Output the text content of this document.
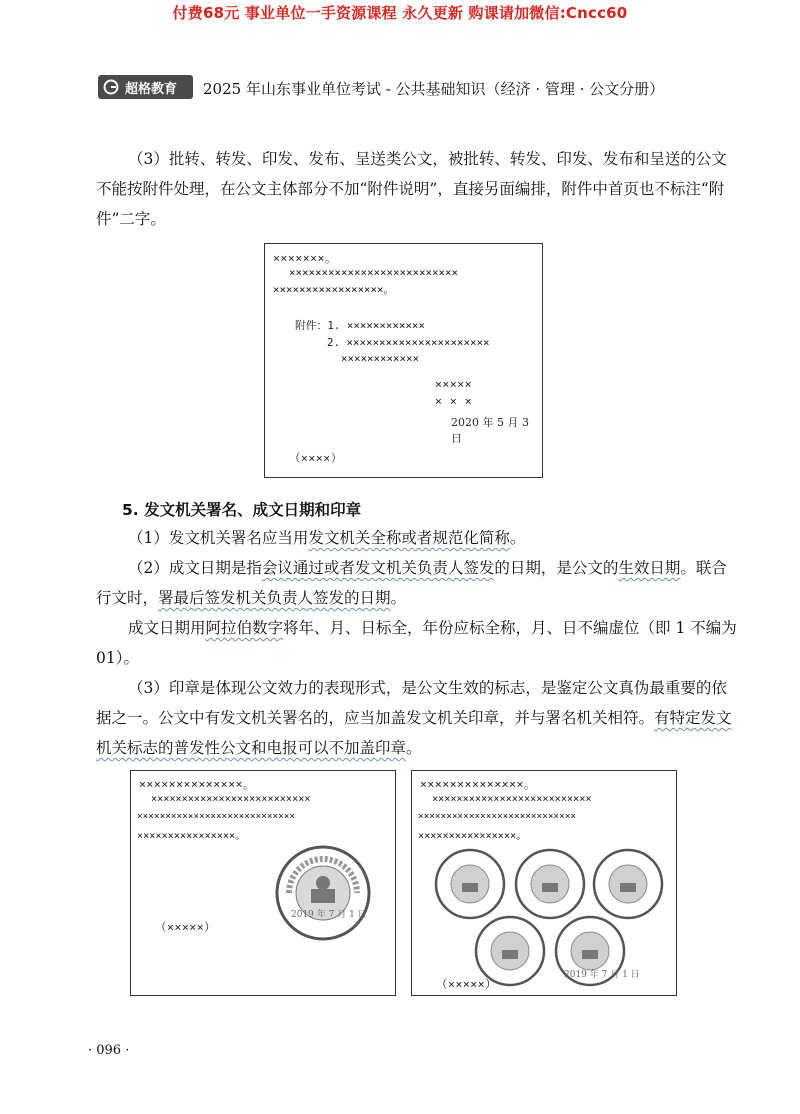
付费68元 事业单位一手资源课程 永久更新 购课请加微信:Cncc60
超格教育 2025 年山东事业单位考试 - 公共基础知识（经济 · 管理 · 公文分册）
（3）批转、转发、印发、发布、呈送类公文，被批转、转发、印发、发布和呈送的公文
不能按附件处理，在公文主体部分不加“附件说明”，直接另面编排，附件中首页也不标注“附
件”二字。
×××××××。
××××××××××××××××××××××××××
×××××××××××××××××。
附件：1. ××××××××××××
2. ××××××××××××××××××××××
××××××××××××
×××××
× × ×
2020 年 5 月 3 日
（××××）
5. 发文机关署名、成文日期和印章
（1）发文机关署名应当用发文机关全称或者规范化简称。
（2）成文日期是指会议通过或者发文机关负责人签发的日期，是公文的生效日期。联合
行文时，署最后签发机关负责人签发的日期。
成文日期用阿拉伯数字将年、月、日标全，年份应标全称，月、日不编虚位（即 1 不编为
01）。
（3）印章是体现公文效力的表现形式，是公文生效的标志，是鉴定公文真伪最重要的依
据之一。公文中有发文机关署名的，应当加盖发文机关印章，并与署名机关相符。有特定发文
机关标志的普发性公文和电报可以不加盖印章。
××××××××××××××。
××××××××××××××××××××××××××
××××××××××××××××××××××××××××
××××××××××××××××。
2019 年 7 月 1 日
（×××××）
××××××××××××××。
××××××××××××××××××××××××××
××××××××××××××××××××××××××××
××××××××××××××××。
2019 年 7 月 1 日
（×××××）
· 096 ·
